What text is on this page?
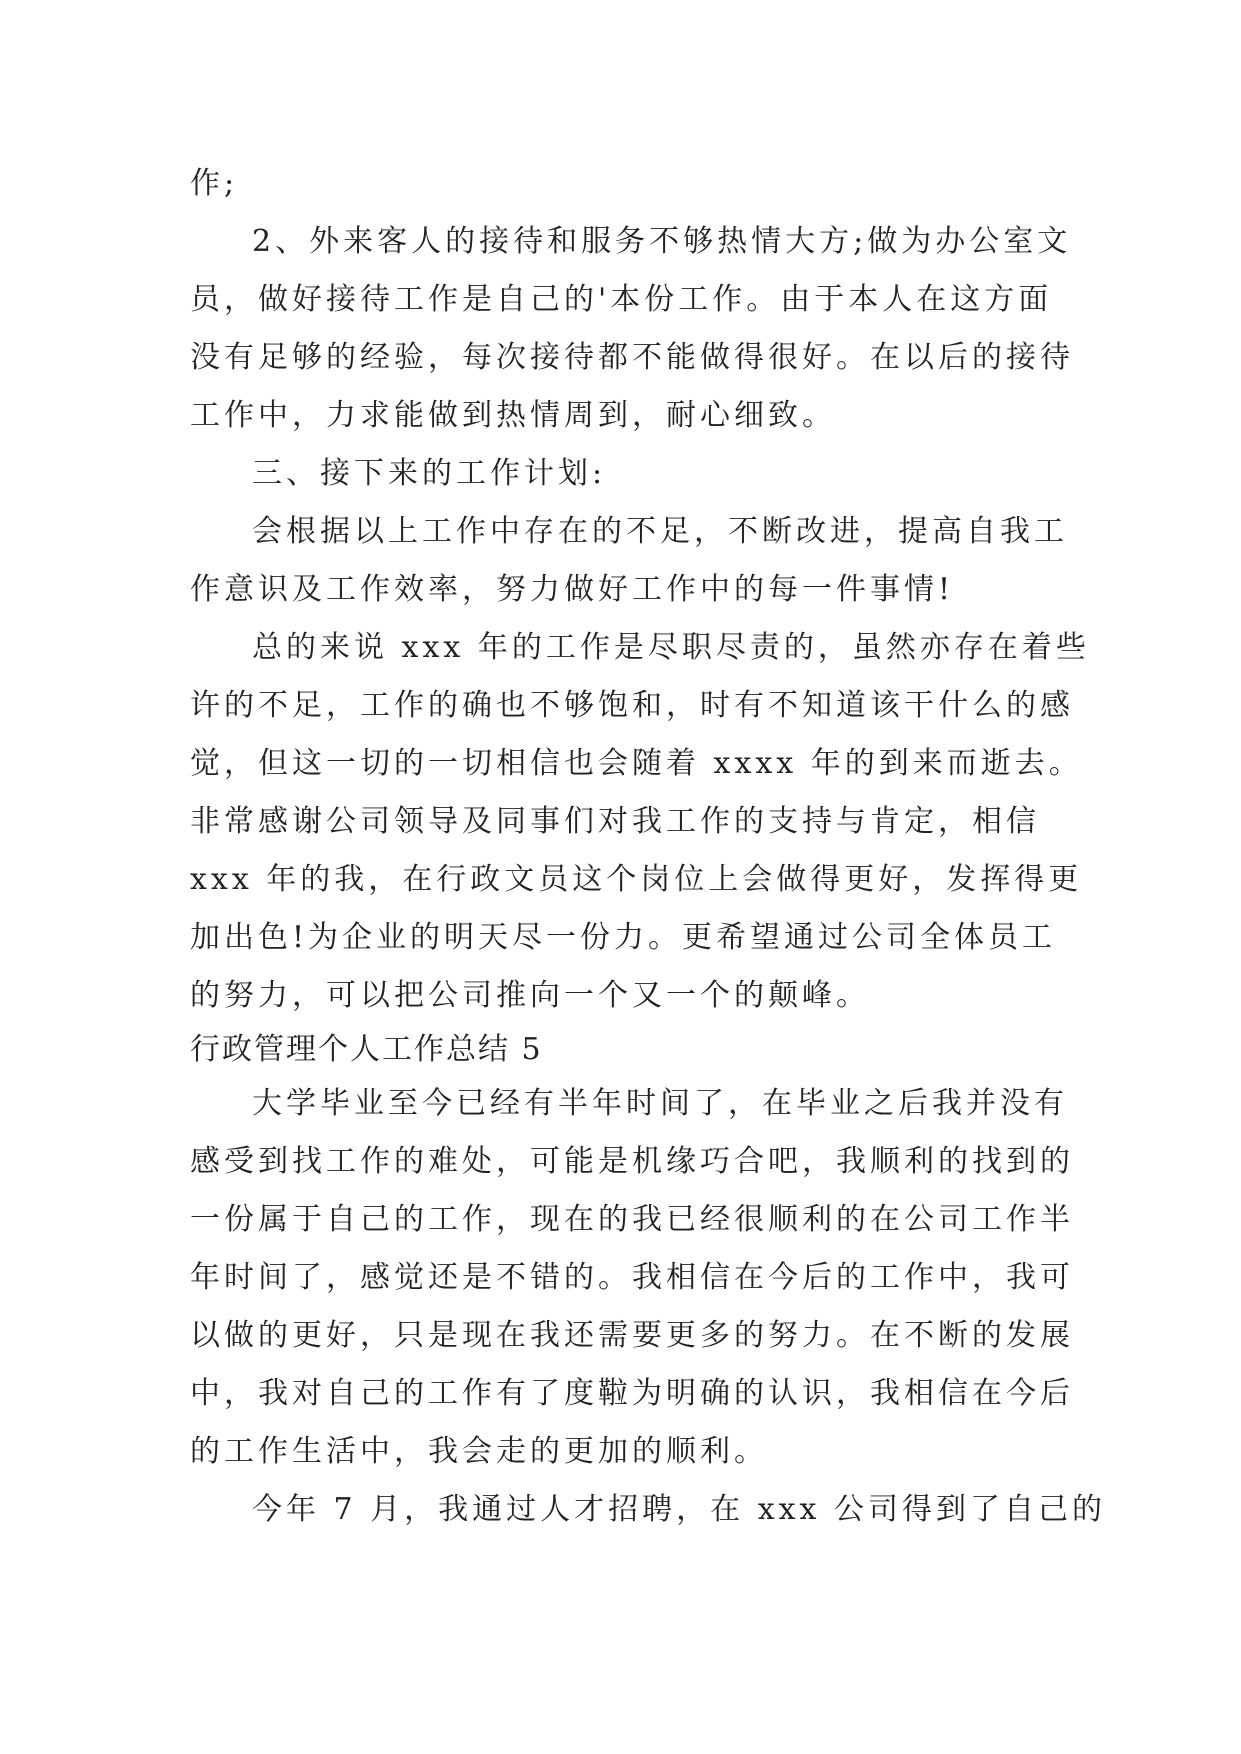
作;
2、外来客人的接待和服务不够热情大方;做为办公室文
员，做好接待工作是自己的'本份工作。由于本人在这方面
没有足够的经验，每次接待都不能做得很好。在以后的接待
工作中，力求能做到热情周到，耐心细致。
三、接下来的工作计划:
会根据以上工作中存在的不足，不断改进，提高自我工
作意识及工作效率，努力做好工作中的每一件事情!
总的来说 xxx 年的工作是尽职尽责的，虽然亦存在着些
许的不足，工作的确也不够饱和，时有不知道该干什么的感
觉，但这一切的一切相信也会随着 xxxx 年的到来而逝去。
非常感谢公司领导及同事们对我工作的支持与肯定，相信
xxx 年的我，在行政文员这个岗位上会做得更好，发挥得更
加出色!为企业的明天尽一份力。更希望通过公司全体员工
的努力，可以把公司推向一个又一个的颠峰。
行政管理个人工作总结 5
大学毕业至今已经有半年时间了，在毕业之后我并没有
感受到找工作的难处，可能是机缘巧合吧，我顺利的找到的
一份属于自己的工作，现在的我已经很顺利的在公司工作半
年时间了，感觉还是不错的。我相信在今后的工作中，我可
以做的更好，只是现在我还需要更多的努力。在不断的发展
中，我对自己的工作有了度鞡为明确的认识，我相信在今后
的工作生活中，我会走的更加的顺利。
今年 7 月，我通过人才招聘，在 xxx 公司得到了自己的
